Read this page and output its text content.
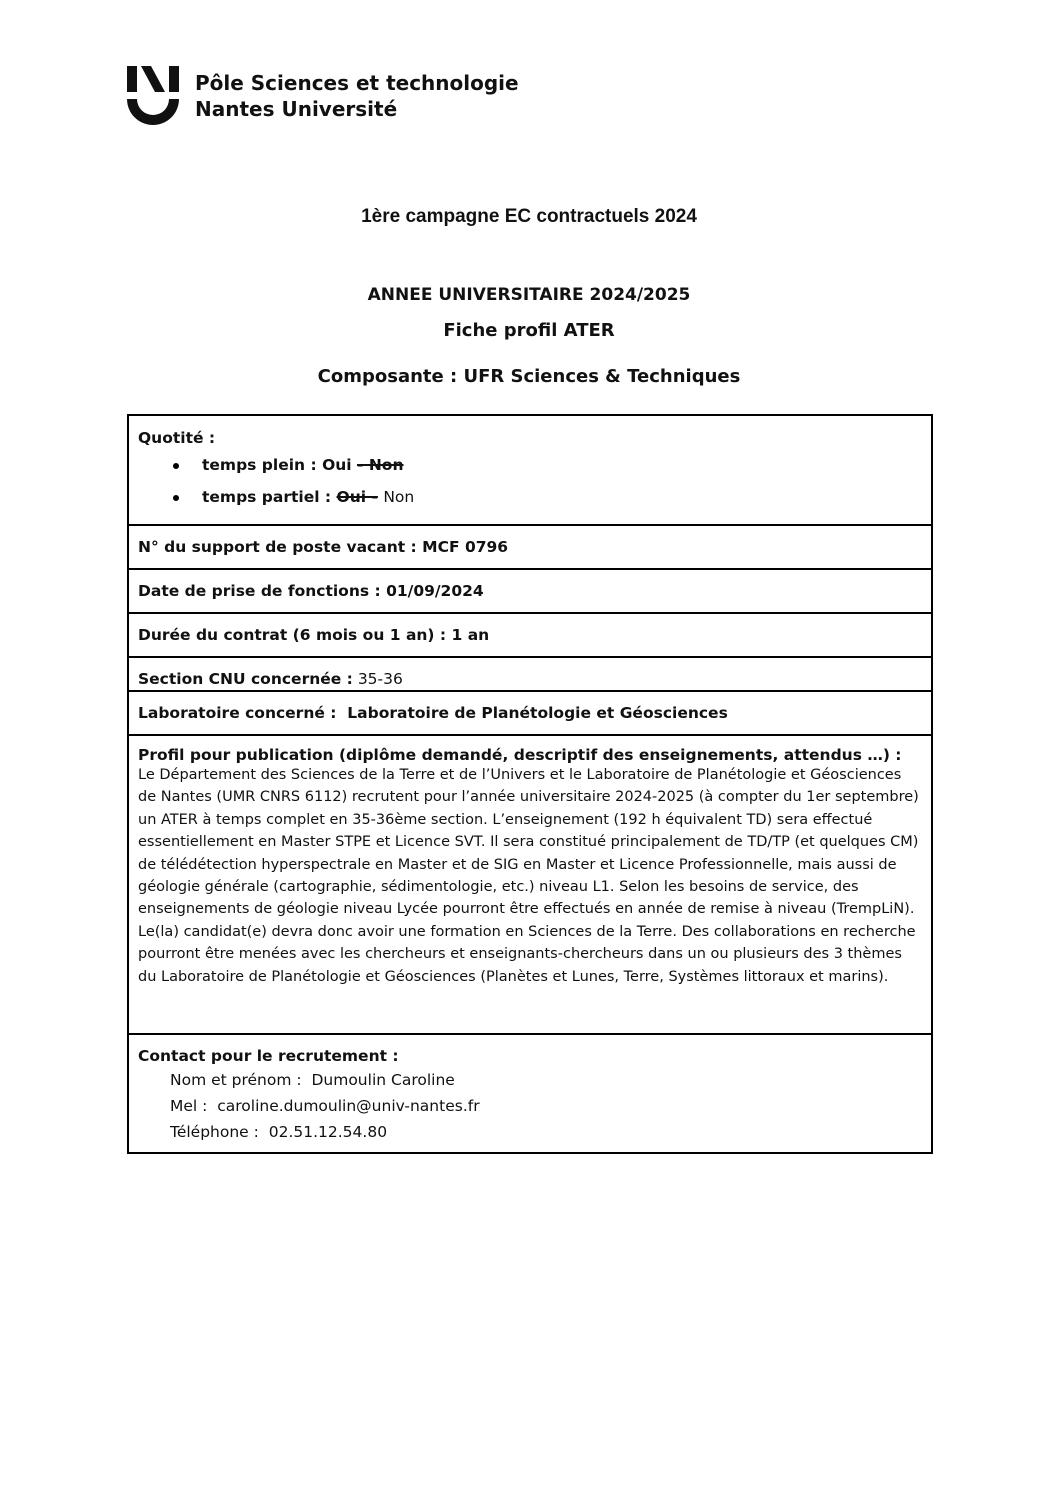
Pôle Sciences et technologie
Nantes Université
1ère campagne EC contractuels 2024
ANNEE UNIVERSITAIRE 2024/2025
Fiche profil ATER
Composante : UFR Sciences & Techniques
Quotité :
temps plein : Oui - Non
temps partiel : Oui - Non
N° du support de poste vacant :
MCF 0796
Date de prise de fonctions :
01/09/2024
Durée du contrat (6 mois ou 1 an) :
1 an
Section CNU concernée : 35-36
Laboratoire concerné :
Laboratoire de Planétologie et Géosciences
Profil pour publication (diplôme demandé, descriptif des enseignements, attendus …) :
Le Département des Sciences de la Terre et de l’Univers et le Laboratoire de Planétologie et Géosciences de Nantes (UMR CNRS 6112) recrutent pour l’année universitaire 2024-2025 (à compter du 1er septembre) un ATER à temps complet en 35-36ème section. L’enseignement (192 h équivalent TD) sera effectué essentiellement en Master STPE et Licence SVT. Il sera constitué principalement de TD/TP (et quelques CM) de télédétection hyperspectrale en Master et de SIG en Master et Licence Professionnelle, mais aussi de géologie générale (cartographie, sédimentologie, etc.) niveau L1. Selon les besoins de service, des enseignements de géologie niveau Lycée pourront être effectués en année de remise à niveau (TrempLiN). Le(la) candidat(e) devra donc avoir une formation en Sciences de la Terre. Des collaborations en recherche pourront être menées avec les chercheurs et enseignants-chercheurs dans un ou plusieurs des 3 thèmes du Laboratoire de Planétologie et Géosciences (Planètes et Lunes, Terre, Systèmes littoraux et marins).
Contact pour le recrutement :
Nom et prénom : Dumoulin Caroline
Mel : caroline.dumoulin@univ-nantes.fr
Téléphone : 02.51.12.54.80
